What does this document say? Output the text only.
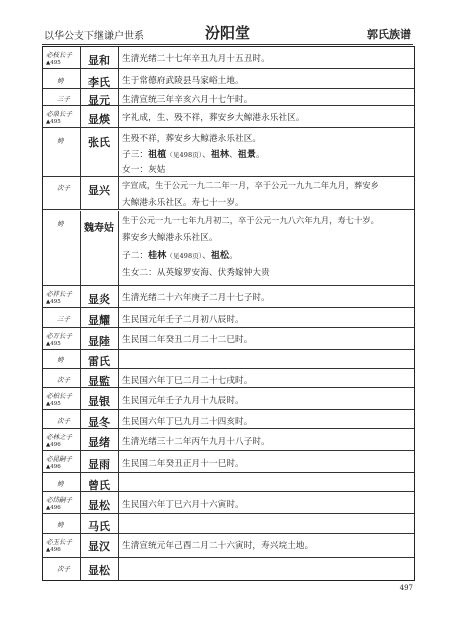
以华公支下继谦户世系	汾阳堂	郭氏族谱
必枝长子
▲495	显和	生清光绪二十七年辛丑九月十五丑时。
娉	李氏	生于常德府武陵县马家峪土地。
三子	显元	生清宣统三年辛亥六月十七午时。
必泉长子
▲495	显煐	字礼成，生、殁不祥，葬安乡大鲸港永乐社区。
娉	张氏	生殁不祥，葬安乡大鲸港永乐社区。
子三：祖植（见498页）、祖林、祖景。
女一：灰姑
次子	显兴	字宣成，生于公元一九二二年一月，卒于公元一九九二年九月，葬安乡
大鲸港永乐社区。寿七十一岁。
娉	魏寿姑
生于公元一九一七年九月初二，卒于公元一九八六年九月，寿七十岁。
葬安乡大鲸港永乐社区。
子二：桂林（见498页）、祖松。
生女二：从英嫁罗安海、伏秀嫁钟大贵
必祥长子
▲495	显炎	生清光绪二十六年庚子二月十七子时。
三子	显耀	生民国元年壬子二月初八辰时。
必万长子
▲495	显陸	生民国二年癸丑二月二十二巳时。
娉	雷氏
次子	显監	生民国六年丁巳二月二十七戌时。
必柏长子
▲495	显银	生民国元年壬子九月十九辰时。
次子	显冬	生民国六年丁巳九月二十四亥时。
必林之子
▲496	显绪	生清光绪三十二年丙午九月十八子时。
必昆嗣子
▲496	显雨	生民国二年癸丑正月十一巳时。
娉	曾氏
必岱嗣子
▲496	显松	生民国六年丁巳六月十六寅时。
娉	马氏
必玉长子
▲496	显汉	生清宣统元年己酉二月二十六寅时，寿兴垸土地。
次子	显松
497
